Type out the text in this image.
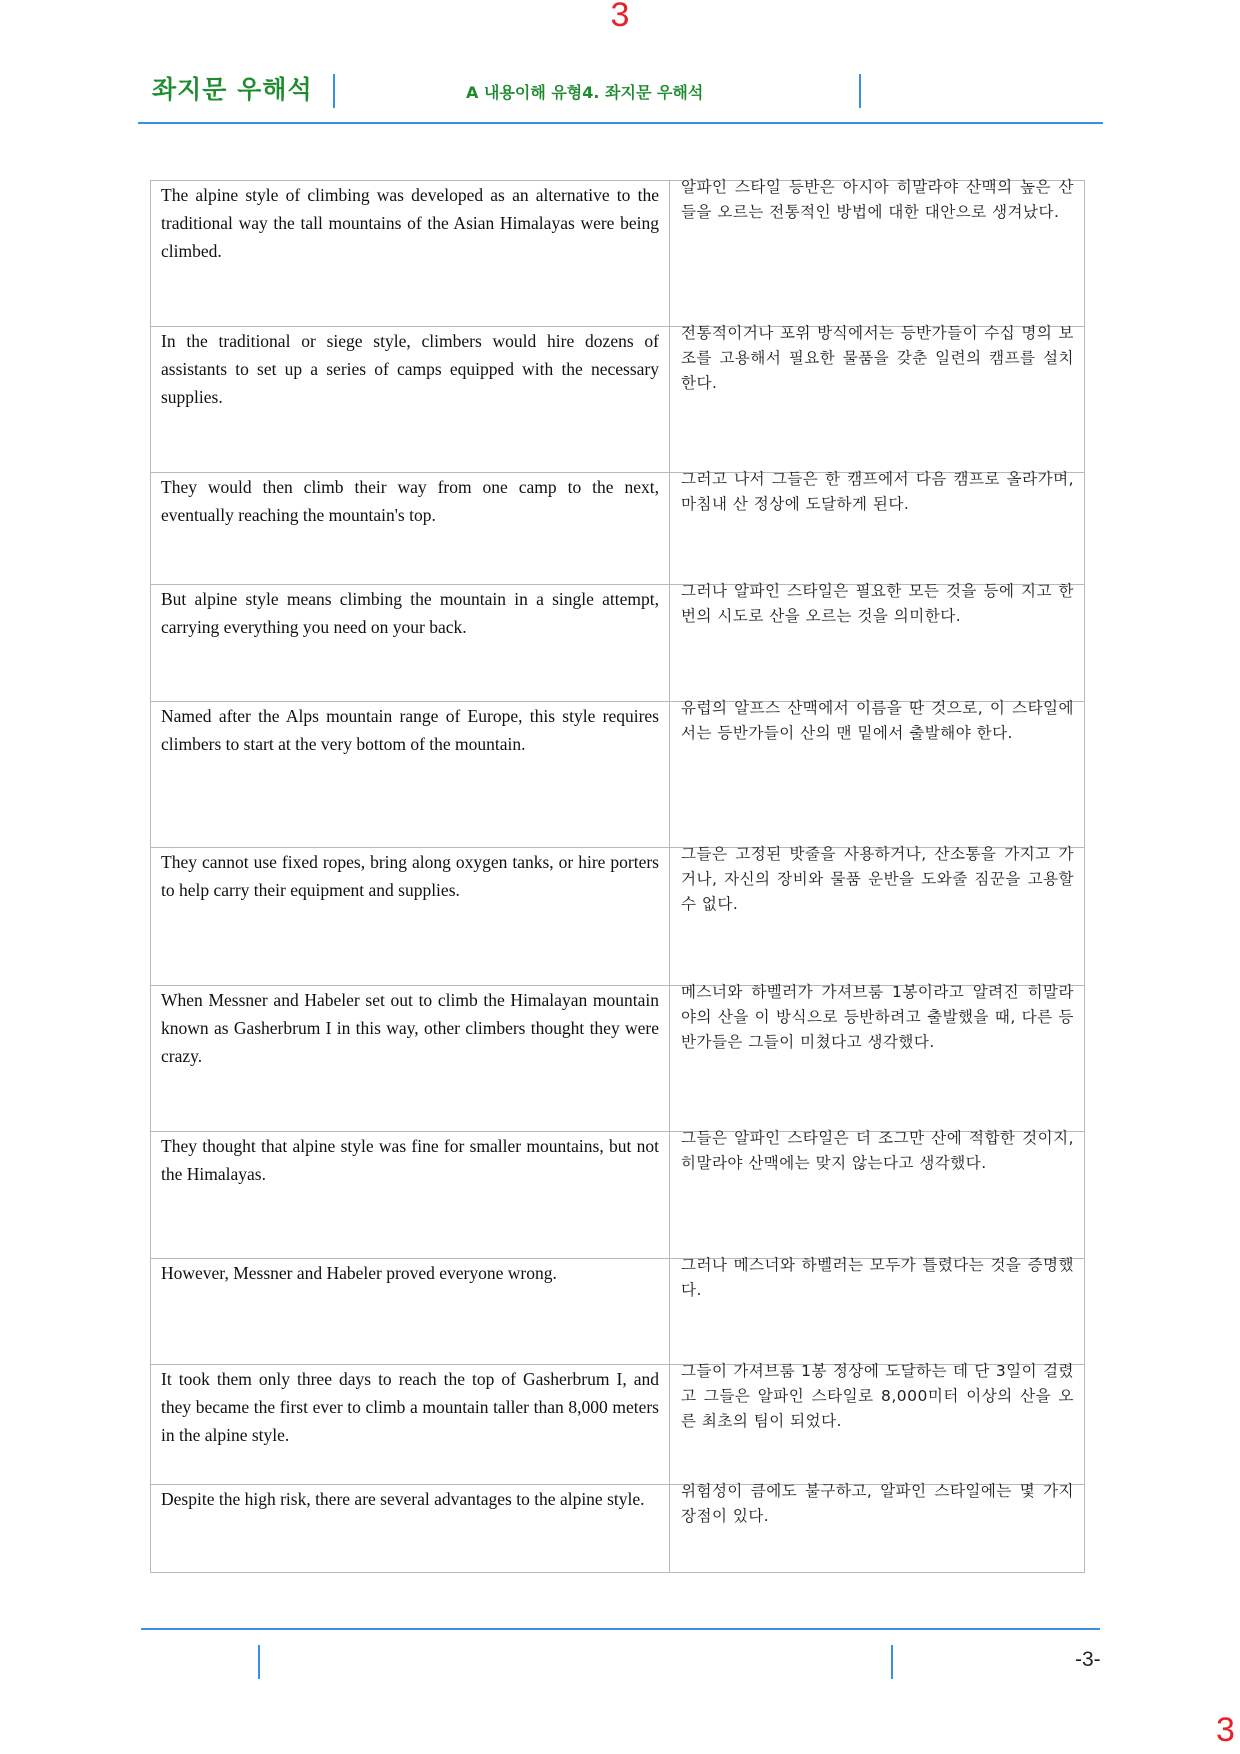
3
좌지문 우해석	A 내용이해 유형4. 좌지문 우해석
The alpine style of climbing was developed as an alternative to the traditional way the tall mountains of the Asian Himalayas were being climbed.	알파인 스타일 등반은 아시아 히말라야 산맥의 높은 산들을 오르는 전통적인 방법에 대한 대안으로 생겨났다.

In the traditional or siege style, climbers would hire dozens of assistants to set up a series of camps equipped with the necessary supplies.	전통적이거나 포위 방식에서는 등반가들이 수십 명의 보조를 고용해서 필요한 물품을 갖춘 일련의 캠프를 설치한다.

They would then climb their way from one camp to the next, eventually reaching the mountain's top.	그러고 나서 그들은 한 캠프에서 다음 캠프로 올라가며, 마침내 산 정상에 도달하게 된다.

But alpine style means climbing the mountain in a single attempt, carrying everything you need on your back.	그러나 알파인 스타일은 필요한 모든 것을 등에 지고 한 번의 시도로 산을 오르는 것을 의미한다.

Named after the Alps mountain range of Europe, this style requires climbers to start at the very bottom of the mountain.	유럽의 알프스 산맥에서 이름을 딴 것으로, 이 스타일에서는 등반가들이 산의 맨 밑에서 출발해야 한다.

They cannot use fixed ropes, bring along oxygen tanks, or hire porters to help carry their equipment and supplies.	그들은 고정된 밧줄을 사용하거나, 산소통을 가지고 가거나, 자신의 장비와 물품 운반을 도와줄 짐꾼을 고용할 수 없다.

When Messner and Habeler set out to climb the Himalayan mountain known as Gasherbrum I in this way, other climbers thought they were crazy.	메스너와 하벨러가 가셔브룸 1봉이라고 알려진 히말라야의 산을 이 방식으로 등반하려고 출발했을 때, 다른 등반가들은 그들이 미쳤다고 생각했다.

They thought that alpine style was fine for smaller mountains, but not the Himalayas.	그들은 알파인 스타일은 더 조그만 산에 적합한 것이지, 히말라야 산맥에는 맞지 않는다고 생각했다.

However, Messner and Habeler proved everyone wrong.	그러나 메스너와 하벨러는 모두가 틀렸다는 것을 증명했다.

It took them only three days to reach the top of Gasherbrum I, and they became the first ever to climb a mountain taller than 8,000 meters in the alpine style.	그들이 가셔브룸 1봉 정상에 도달하는 데 단 3일이 걸렸고 그들은 알파인 스타일로 8,000미터 이상의 산을 오른 최초의 팀이 되었다.

Despite the high risk, there are several advantages to the alpine style.	위험성이 큼에도 불구하고, 알파인 스타일에는 몇 가지 장점이 있다.
-3-
3
